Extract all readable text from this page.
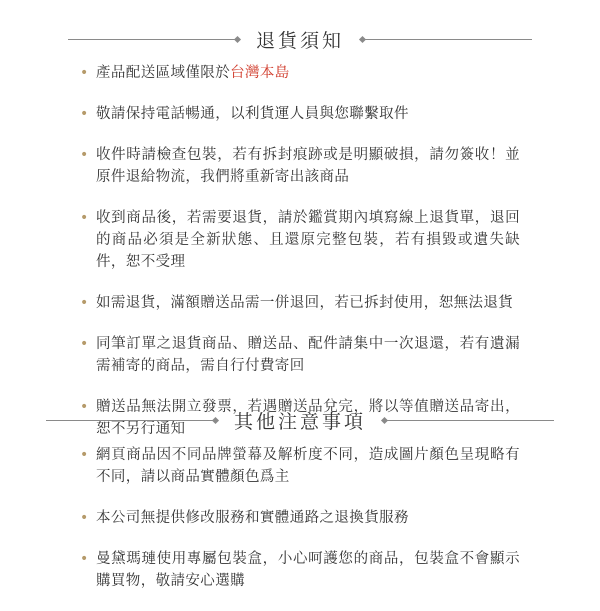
退貨須知
• 產品配送區域僅限於台灣本島
• 敬請保持電話暢通，以利貨運人員與您聯繫取件
• 收件時請檢查包裝，若有拆封痕跡或是明顯破損，請勿簽收！並原件退給物流，我們將重新寄出該商品
• 收到商品後，若需要退貨，請於鑑賞期內填寫線上退貨單，退回的商品必須是全新狀態、且還原完整包裝，若有損毀或遺失缺件，恕不受理
• 如需退貨，滿額贈送品需一併退回，若已拆封使用，恕無法退貨
• 同筆訂單之退貨商品、贈送品、配件請集中一次退還，若有遺漏需補寄的商品，需自行付費寄回
• 贈送品無法開立發票，若遇贈送品兌完，將以等值贈送品寄出，恕不另行通知	其他注意事項
• 網頁商品因不同品牌螢幕及解析度不同，造成圖片顏色呈現略有不同，請以商品實體顏色爲主
• 本公司無提供修改服務和實體通路之退換貨服務
• 曼黛瑪璉使用專屬包裝盒，小心呵護您的商品，包裝盒不會顯示購買物，敬請安心選購
